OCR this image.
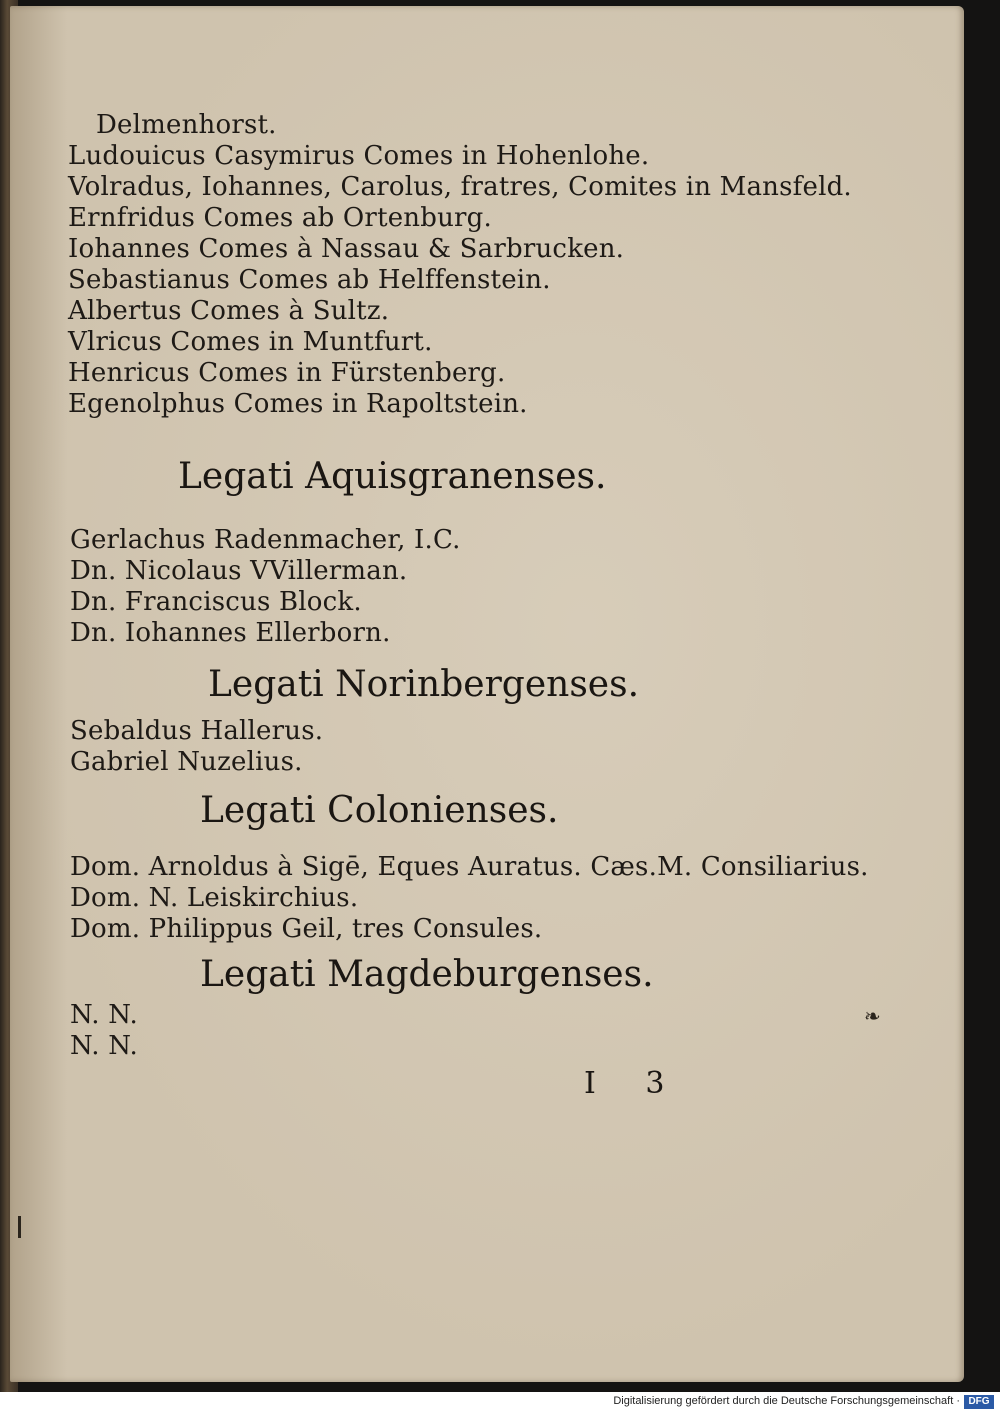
Delmenhorst.
Ludouicus Casymirus Comes in Hohenlohe.
Volradus, Iohannes, Carolus, fratres, Comites in Mansfeld.
Ernfridus Comes ab Ortenburg.
Iohannes Comes à Nassau & Sarbrucken.
Sebastianus Comes ab Helffenstein.
Albertus Comes à Sultz.
Vlricus Comes in Muntfurt.
Henricus Comes in Fürstenberg.
Egenolphus Comes in Rapoltstein.
Legati Aquisgranenses.
Gerlachus Radenmacher, I.C.
Dn. Nicolaus VVillerman.
Dn. Franciscus Block.
Dn. Iohannes Ellerborn.
Legati Norinbergenses.
Sebaldus Hallerus.
Gabriel Nuzelius.
Legati Colonienses.
Dom. Arnoldus à Sigē, Eques Auratus. Cæs.M. Consiliarius.
Dom. N. Leiskirchius.
Dom. Philippus Geil, tres Consules.
Legati Magdeburgenses.
N. N.
N. N.
❧
I 3
Digitalisierung gefördert durch die Deutsche Forschungsgemeinschaft · DFG
